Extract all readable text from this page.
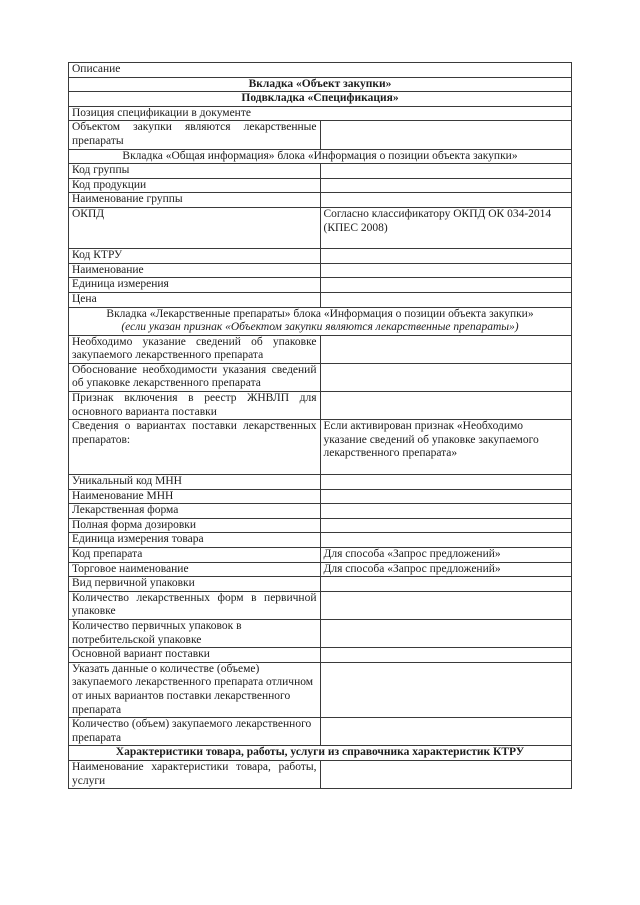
Описание	

Вкладка «Объект закупки»	

Подвкладка «Спецификация»	

Позиция спецификации в документе	
Объектом закупки являются лекарственные препараты	

Вкладка «Общая информация» блока «Информация о позиции объекта закупки»	

Код группы	
Код продукции	
Наименование группы	
ОКПД	Согласно классификатору ОКПД ОК 034-2014 (КПЕС 2008)
Код КТРУ	
Наименование	
Единица измерения	
Цена	

Вкладка «Лекарственные препараты» блока «Информация о позиции объекта закупки»
(если указан признак «Объектом закупки являются лекарственные препараты»)	

Необходимо указание сведений об упаковке закупаемого лекарственного препарата	
Обоснование необходимости указания сведений об упаковке лекарственного препарата	
Признак включения в реестр ЖНВЛП для основного варианта поставки	
Сведения о вариантах поставки лекарственных препаратов:	Если активирован признак «Необходимо указание сведений об упаковке закупаемого лекарственного препарата»
Уникальный код МНН	
Наименование МНН	
Лекарственная форма	
Полная форма дозировки	
Единица измерения товара	
Код препарата	Для способа «Запрос предложений»
Торговое наименование	Для способа «Запрос предложений»
Вид первичной упаковки	
Количество лекарственных форм в первичной упаковке	
Количество первичных упаковок в потребительской упаковке	
Основной вариант поставки	
Указать данные о количестве (объеме) закупаемого лекарственного препарата отличном от иных вариантов поставки лекарственного препарата	
Количество (объем) закупаемого лекарственного препарата	

Характеристики товара, работы, услуги из справочника характеристик КТРУ	

Наименование характеристики товара, работы, услуги	
